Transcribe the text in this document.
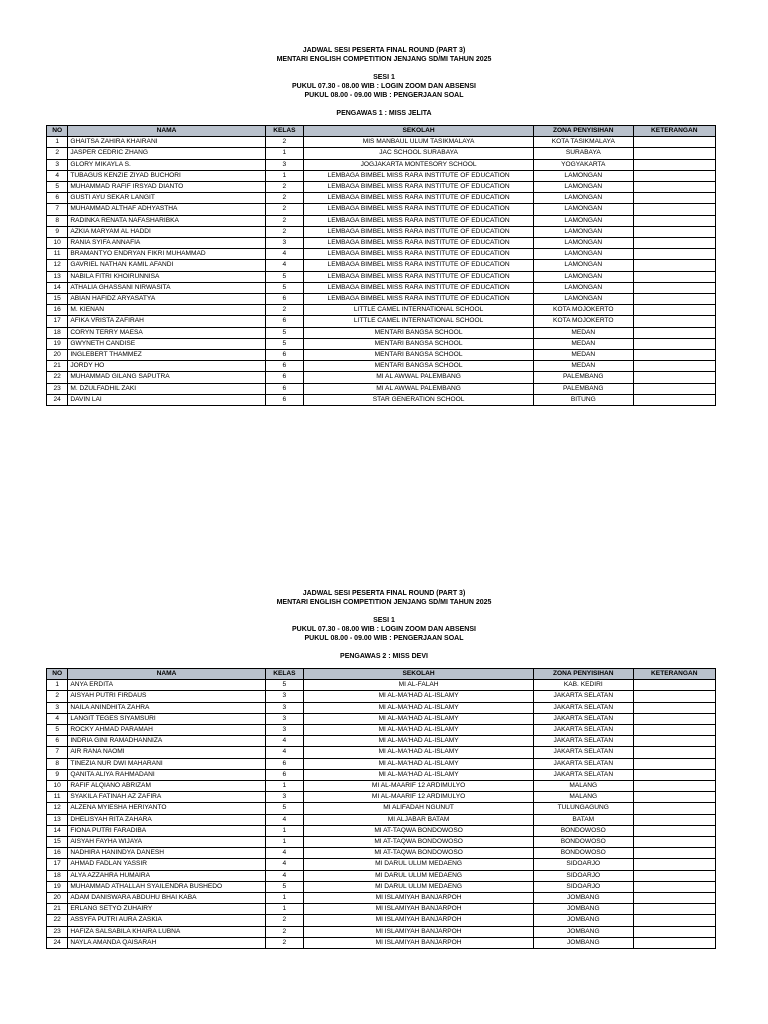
JADWAL SESI PESERTA FINAL ROUND (PART 3)
MENTARI ENGLISH COMPETITION JENJANG SD/MI TAHUN 2025
SESI 1
PUKUL 07.30 - 08.00 WIB : LOGIN ZOOM DAN ABSENSI
PUKUL 08.00 - 09.00 WIB : PENGERJAAN SOAL
PENGAWAS 1 : MISS JELITA
NO	NAMA	KELAS	SEKOLAH	ZONA PENYISIHAN	KETERANGAN
1	GHAITSA ZAHIRA KHAIRANI	2	MIS MANBAUL ULUM TASIKMALAYA	KOTA TASIKMALAYA	
2	JASPER CEDRIC ZHANG	1	JAC SCHOOL SURABAYA	SURABAYA	
3	GLORY MIKAYLA S.	3	JOGJAKARTA MONTESORY SCHOOL	YOGYAKARTA	
4	TUBAGUS KENZIE ZIYAD BUCHORI	1	LEMBAGA BIMBEL MISS RARA INSTITUTE OF EDUCATION	LAMONGAN	
5	MUHAMMAD RAFIF IRSYAD DIANTO	2	LEMBAGA BIMBEL MISS RARA INSTITUTE OF EDUCATION	LAMONGAN	
6	GUSTI AYU SEKAR LANGIT	2	LEMBAGA BIMBEL MISS RARA INSTITUTE OF EDUCATION	LAMONGAN	
7	MUHAMMAD ALTHAF ADHYASTHA	2	LEMBAGA BIMBEL MISS RARA INSTITUTE OF EDUCATION	LAMONGAN	
8	RADINKA RENATA NAFASHARIBKA	2	LEMBAGA BIMBEL MISS RARA INSTITUTE OF EDUCATION	LAMONGAN	
9	AZKIA MARYAM AL HADDI	2	LEMBAGA BIMBEL MISS RARA INSTITUTE OF EDUCATION	LAMONGAN	
10	RANIA SYIFA ANNAFIA	3	LEMBAGA BIMBEL MISS RARA INSTITUTE OF EDUCATION	LAMONGAN	
11	BRAMANTYO ENDRYAN FIKRI MUHAMMAD	4	LEMBAGA BIMBEL MISS RARA INSTITUTE OF EDUCATION	LAMONGAN	
12	GAVRIEL NATHAN KAMIL AFANDI	4	LEMBAGA BIMBEL MISS RARA INSTITUTE OF EDUCATION	LAMONGAN	
13	NABILA FITRI KHOIRUNNISA	5	LEMBAGA BIMBEL MISS RARA INSTITUTE OF EDUCATION	LAMONGAN	
14	ATHALIA GHASSANI NIRWASITA	5	LEMBAGA BIMBEL MISS RARA INSTITUTE OF EDUCATION	LAMONGAN	
15	ABIAN HAFIDZ ARYASATYA	6	LEMBAGA BIMBEL MISS RARA INSTITUTE OF EDUCATION	LAMONGAN	
16	M. KIENAN	2	LITTLE CAMEL INTERNATIONAL SCHOOL	KOTA MOJOKERTO	
17	AFIKA VRISTA ZAFIRAH	6	LITTLE CAMEL INTERNATIONAL SCHOOL	KOTA MOJOKERTO	
18	CORYN TERRY MAESA	5	MENTARI BANGSA SCHOOL	MEDAN	
19	GWYNETH CANDISE	5	MENTARI BANGSA SCHOOL	MEDAN	
20	INGLEBERT THAMMEZ	6	MENTARI BANGSA SCHOOL	MEDAN	
21	JORDY HO	6	MENTARI BANGSA SCHOOL	MEDAN	
22	MUHAMMAD GILANG SAPUTRA	6	MI AL AWWAL PALEMBANG	PALEMBANG	
23	M. DZULFADHIL ZAKI	6	MI AL AWWAL PALEMBANG	PALEMBANG	
24	DAVIN LAI	6	STAR GENERATION SCHOOL	BITUNG	
JADWAL SESI PESERTA FINAL ROUND (PART 3)
MENTARI ENGLISH COMPETITION JENJANG SD/MI TAHUN 2025
SESI 1
PUKUL 07.30 - 08.00 WIB : LOGIN ZOOM DAN ABSENSI
PUKUL 08.00 - 09.00 WIB : PENGERJAAN SOAL
PENGAWAS 2 : MISS DEVI
NO	NAMA	KELAS	SEKOLAH	ZONA PENYISIHAN	KETERANGAN
1	ANYA ERDITA	5	MI AL-FALAH	KAB. KEDIRI	
2	AISYAH PUTRI FIRDAUS	3	MI AL-MA'HAD AL-ISLAMY	JAKARTA SELATAN	
3	NAILA ANINDHITA ZAHRA	3	MI AL-MA'HAD AL-ISLAMY	JAKARTA SELATAN	
4	LANGIT TEGES SIYAMSURI	3	MI AL-MA'HAD AL-ISLAMY	JAKARTA SELATAN	
5	ROCKY AHMAD PARAMAH	3	MI AL-MA'HAD AL-ISLAMY	JAKARTA SELATAN	
6	INDRIA GINI RAMADHANNIZA	4	MI AL-MA'HAD AL-ISLAMY	JAKARTA SELATAN	
7	AIR RANA NAOMI	4	MI AL-MA'HAD AL-ISLAMY	JAKARTA SELATAN	
8	TINEZIA NUR DWI MAHARANI	6	MI AL-MA'HAD AL-ISLAMY	JAKARTA SELATAN	
9	QANITA ALIYA RAHMADANI	6	MI AL-MA'HAD AL-ISLAMY	JAKARTA SELATAN	
10	RAFIF ALQIANO ABRIZAM	1	MI AL-MAARIF 12 ARDIMULYO	MALANG	
11	SYAKILA FATINAH AZ ZAFIRA	3	MI AL-MAARIF 12 ARDIMULYO	MALANG	
12	ALZENA MYIESHA HERIYANTO	5	MI ALIFADAH NGUNUT	TULUNGAGUNG	
13	DHELISYAH RITA ZAHARA	4	MI ALJABAR BATAM	BATAM	
14	FIONA PUTRI FARADIBA	1	MI AT-TAQWA BONDOWOSO	BONDOWOSO	
15	AISYAH FAYHA WIJAYA	1	MI AT-TAQWA BONDOWOSO	BONDOWOSO	
16	NADHIRA HANINDYA DANESH	4	MI AT-TAQWA BONDOWOSO	BONDOWOSO	
17	AHMAD FADLAN YASSIR	4	MI DARUL ULUM MEDAENG	SIDOARJO	
18	ALYA AZZAHRA HUMAIRA	4	MI DARUL ULUM MEDAENG	SIDOARJO	
19	MUHAMMAD ATHALLAH SYAILENDRA BUSHEDO	5	MI DARUL ULUM MEDAENG	SIDOARJO	
20	ADAM DANISWARA ABDUHU BHAI KABA	1	MI ISLAMIYAH BANJARPOH	JOMBANG	
21	ERLANG SETYO ZUHAIRY	1	MI ISLAMIYAH BANJARPOH	JOMBANG	
22	ASSYFA PUTRI AURA ZASKIA	2	MI ISLAMIYAH BANJARPOH	JOMBANG	
23	HAFIZA SALSABILA KHAIRA LUBNA	2	MI ISLAMIYAH BANJARPOH	JOMBANG	
24	NAYLA AMANDA QAISARAH	2	MI ISLAMIYAH BANJARPOH	JOMBANG	
